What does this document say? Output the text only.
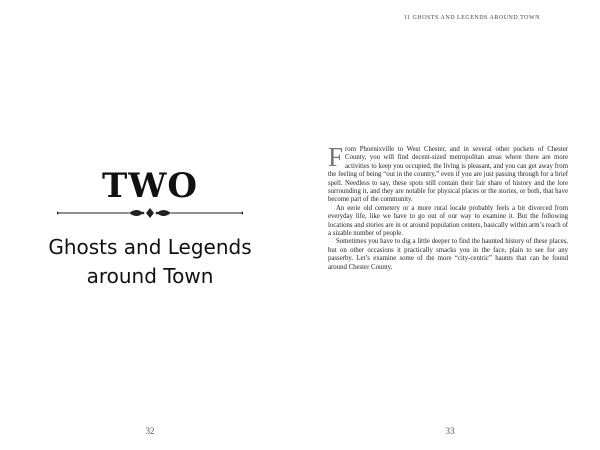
TWO
Ghosts and Legends
around Town
32
11 GHOSTS AND LEGENDS AROUND TOWN

From Phoenixville to West Chester, and in several other pockets of Chester County, you will find decent-sized metropolitan areas where there are more activities to keep you occupied, the living is pleasant, and you can get away from the feeling of being “out in the country,” even if you are just passing through for a brief spell. Needless to say, these spots still contain their fair share of history and the lore surrounding it, and they are notable for physical places or the stories, or both, that have become part of the community.

An eerie old cemetery or a more rural locale probably feels a bit divorced from everyday life, like we have to go out of our way to examine it. But the following locations and stories are in or around population centers, basically within arm’s reach of a sizable number of people.

Sometimes you have to dig a little deeper to find the haunted history of these places, but on other occasions it practically smacks you in the face, plain to see for any passerby. Let’s examine some of the more “city-centric” haunts that can be found around Chester County.

33
